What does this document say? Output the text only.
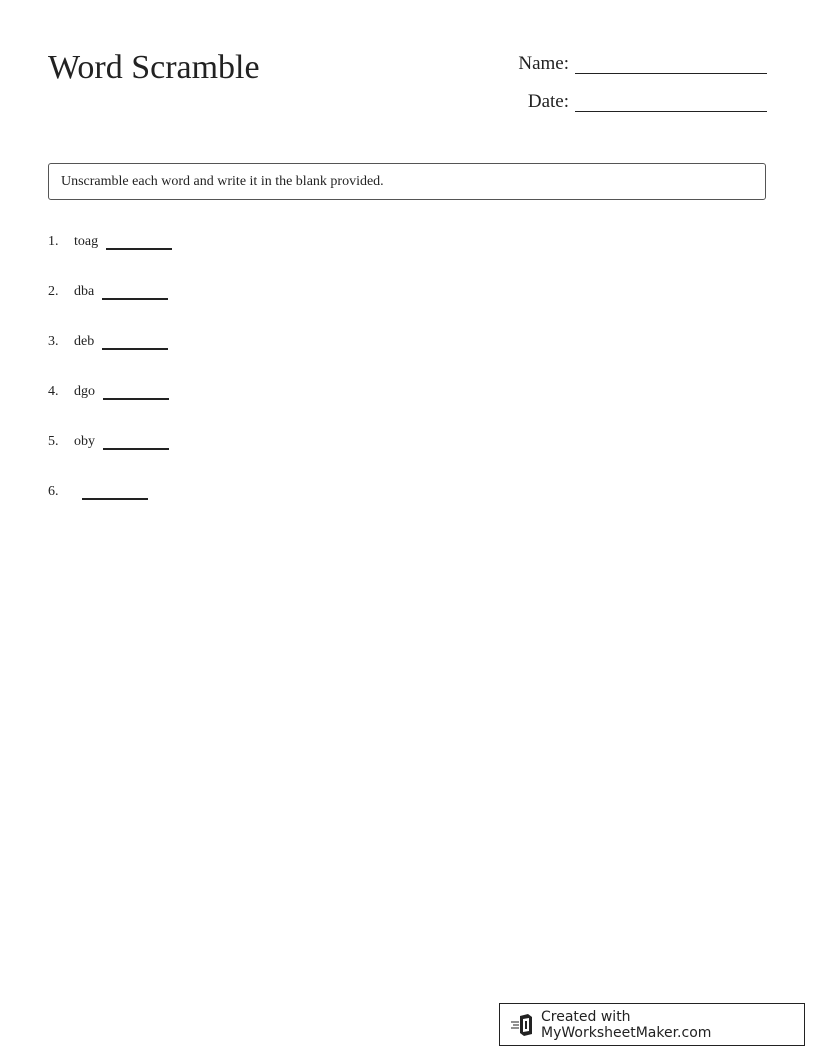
Word Scramble	Name:
Date:
Unscramble each word and write it in the blank provided.
1.	toag
2.	dba
3.	deb
4.	dgo
5.	oby
6.
Created with MyWorksheetMaker.com
